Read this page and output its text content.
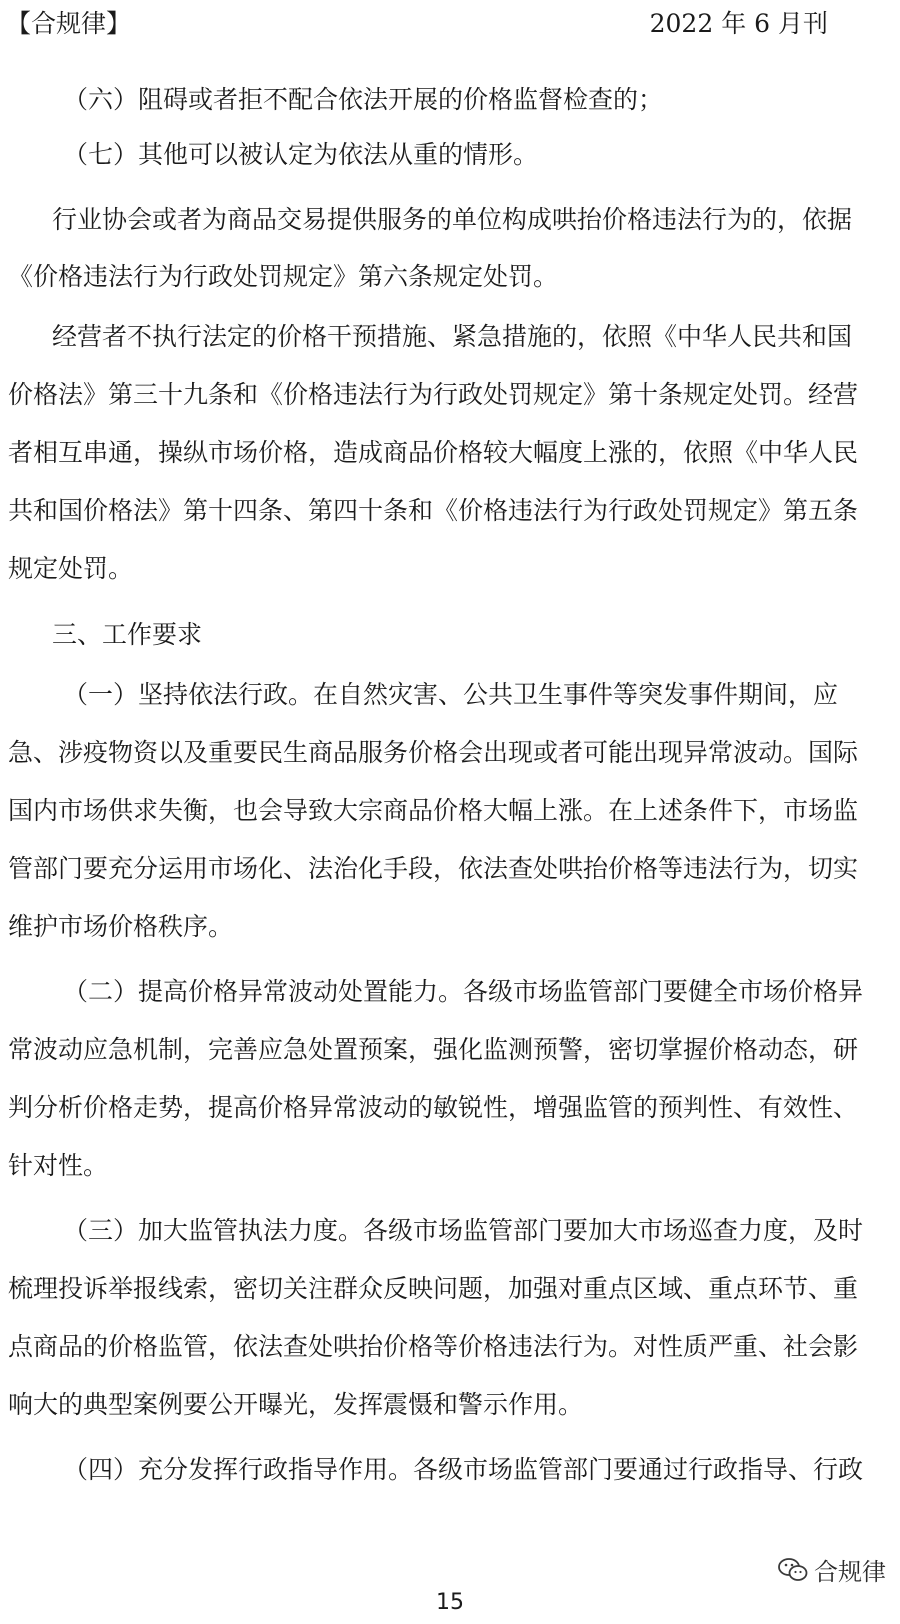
【合规律】	2022 年 6 月刊
（六）阻碍或者拒不配合依法开展的价格监督检查的；
（七）其他可以被认定为依法从重的情形。
行业协会或者为商品交易提供服务的单位构成哄抬价格违法行为的，依据
《价格违法行为行政处罚规定》第六条规定处罚。
经营者不执行法定的价格干预措施、紧急措施的，依照《中华人民共和国
价格法》第三十九条和《价格违法行为行政处罚规定》第十条规定处罚。经营
者相互串通，操纵市场价格，造成商品价格较大幅度上涨的，依照《中华人民
共和国价格法》第十四条、第四十条和《价格违法行为行政处罚规定》第五条
规定处罚。
三、工作要求
（一）坚持依法行政。在自然灾害、公共卫生事件等突发事件期间，应
急、涉疫物资以及重要民生商品服务价格会出现或者可能出现异常波动。国际
国内市场供求失衡，也会导致大宗商品价格大幅上涨。在上述条件下，市场监
管部门要充分运用市场化、法治化手段，依法查处哄抬价格等违法行为，切实
维护市场价格秩序。
（二）提高价格异常波动处置能力。各级市场监管部门要健全市场价格异
常波动应急机制，完善应急处置预案，强化监测预警，密切掌握价格动态，研
判分析价格走势，提高价格异常波动的敏锐性，增强监管的预判性、有效性、
针对性。
（三）加大监管执法力度。各级市场监管部门要加大市场巡查力度，及时
梳理投诉举报线索，密切关注群众反映问题，加强对重点区域、重点环节、重
点商品的价格监管，依法查处哄抬价格等价格违法行为。对性质严重、社会影
响大的典型案例要公开曝光，发挥震慑和警示作用。
（四）充分发挥行政指导作用。各级市场监管部门要通过行政指导、行政
合规律
15
